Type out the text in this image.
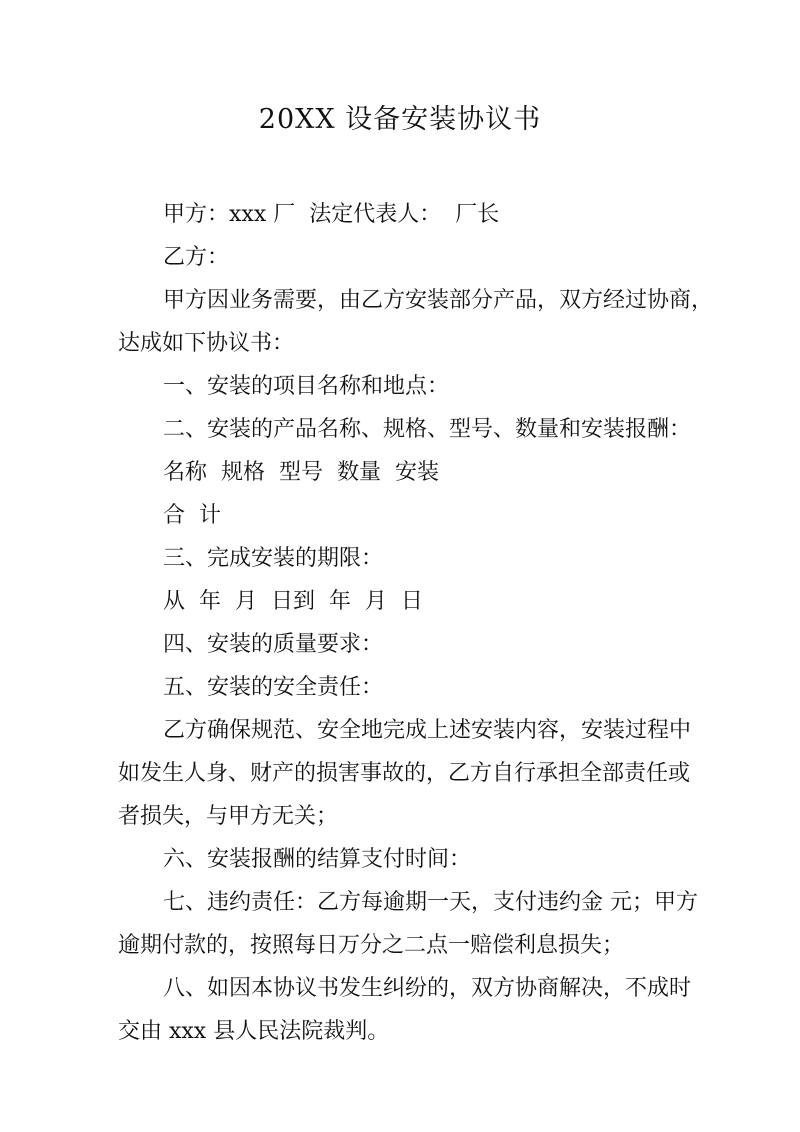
20XX 设备安装协议书
甲方：xxx 厂  法定代表人：  厂长
乙方：
甲方因业务需要，由乙方安装部分产品，双方经过协商，
达成如下协议书：
一、安装的项目名称和地点：
二、安装的产品名称、规格、型号、数量和安装报酬：
名称  规格  型号  数量  安装
合  计
三、完成安装的期限：
从  年  月  日到  年  月  日
四、安装的质量要求：
五、安装的安全责任：
乙方确保规范、安全地完成上述安装内容，安装过程中
如发生人身、财产的损害事故的，乙方自行承担全部责任或
者损失，与甲方无关；
六、安装报酬的结算支付时间：
七、违约责任：乙方每逾期一天，支付违约金 元；甲方
逾期付款的，按照每日万分之二点一赔偿利息损失；
八、如因本协议书发生纠纷的，双方协商解决，不成时
交由 xxx 县人民法院裁判。
